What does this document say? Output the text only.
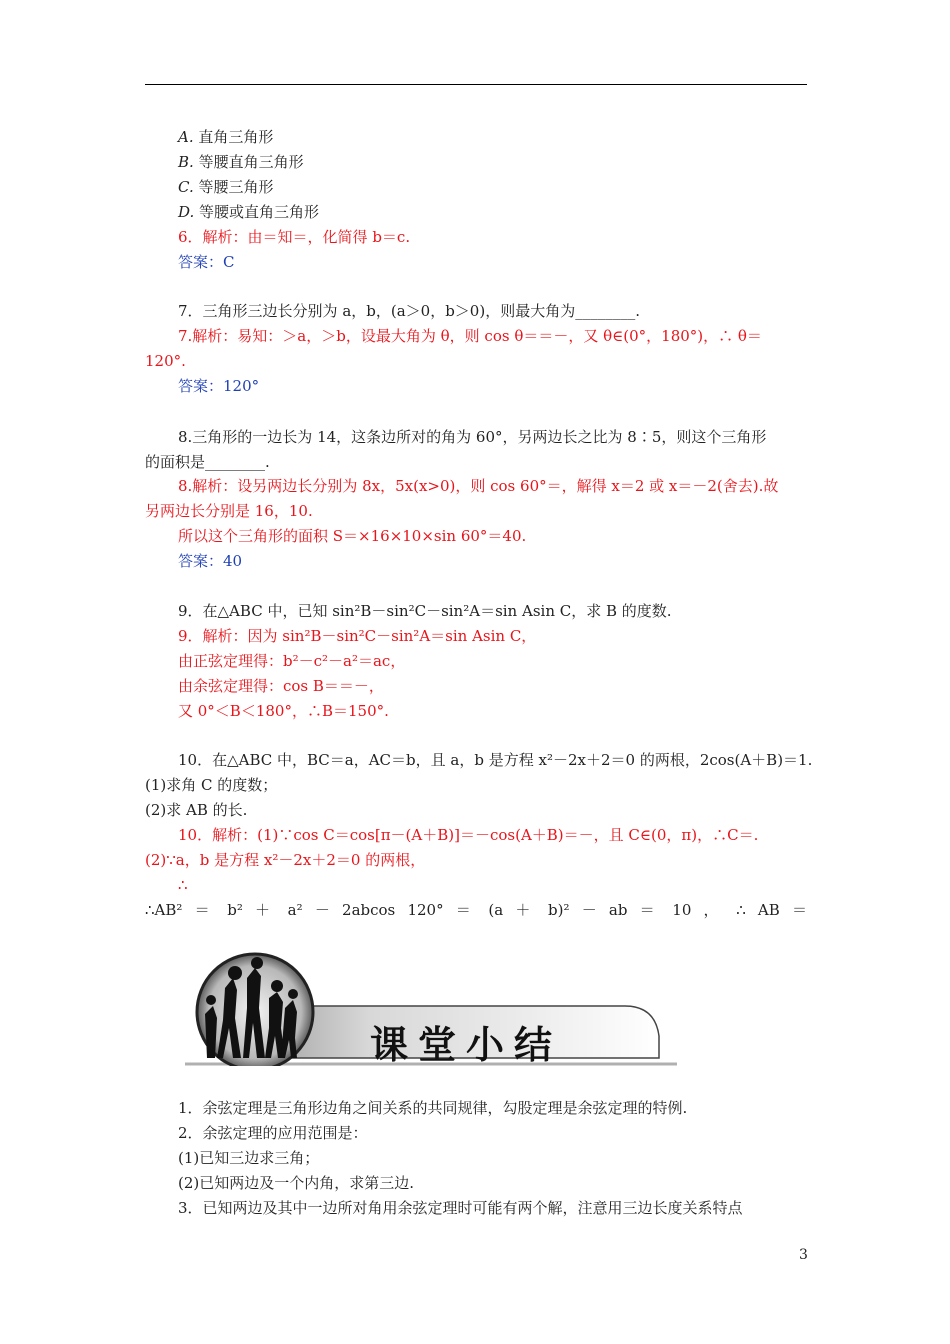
A. 直角三角形
B. 等腰直角三角形
C. 等腰三角形
D. 等腰或直角三角形
6．解析：由＝知＝，化简得 b＝c.
答案：C
7．三角形三边长分别为 a，b，(a＞0，b＞0)，则最大角为________.
7.解析：易知：＞a，＞b，设最大角为 θ，则 cos θ＝＝－，又 θ∈(0°，180°)，∴ θ＝
120°.
答案：120°
8.三角形的一边长为 14，这条边所对的角为 60°，另两边长之比为 8∶5，则这个三角形
的面积是________.
8.解析：设另两边长分别为 8x，5x(x>0)，则 cos 60°＝，解得 x＝2 或 x＝－2(舍去).故
另两边长分别是 16，10.
所以这个三角形的面积 S＝×16×10×sin 60°＝40.
答案：40
9．在△ABC 中，已知 sin²B－sin²C－sin²A＝sin Asin C，求 B 的度数.
9．解析：因为 sin²B－sin²C－sin²A＝sin Asin C，
由正弦定理得：b²－c²－a²＝ac，
由余弦定理得：cos B＝＝－，
又 0°＜B＜180°，∴B＝150°.
10．在△ABC 中，BC＝a，AC＝b，且 a，b 是方程 x²－2x＋2＝0 的两根，2cos(A＋B)＝1.
(1)求角 C 的度数；
(2)求 AB 的长.
10．解析：(1)∵cos C＝cos[π－(A＋B)]＝－cos(A＋B)＝－，且 C∈(0，π)，∴C＝.
(2)∵a，b 是方程 x²－2x＋2＝0 的两根，
∴
∴AB² ＝ b² ＋ a² － 2abcos 120° ＝ (a ＋ b)² － ab ＝ 10 ， ∴ AB ＝
课堂小结
1．余弦定理是三角形边角之间关系的共同规律，勾股定理是余弦定理的特例.
2．余弦定理的应用范围是：
(1)已知三边求三角；
(2)已知两边及一个内角，求第三边.
3．已知两边及其中一边所对角用余弦定理时可能有两个解，注意用三边长度关系特点
3
